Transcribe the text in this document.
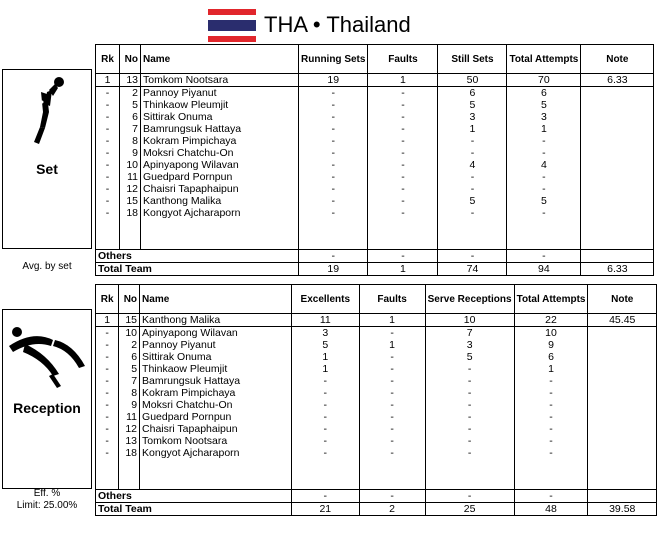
THA • Thailand
Set
Avg. by set
Reception
Eff. %
Limit: 25.00%
Rk	No	Name	Running Sets	Faults	Still Sets	Total Attempts	Note
1	13	Tomkom Nootsara	19	1	50	70	6.33
-	2	Pannoy Piyanut	-	-	6	6	
-	5	Thinkaow Pleumjit	-	-	5	5	
-	6	Sittirak Onuma	-	-	3	3	
-	7	Bamrungsuk Hattaya	-	-	1	1	
-	8	Kokram Pimpichaya	-	-	-	-	
-	9	Moksri Chatchu-On	-	-	-	-	
-	10	Apinyapong Wilavan	-	-	4	4	
-	11	Guedpard Pornpun	-	-	-	-	
-	12	Chaisri Tapaphaipun	-	-	-	-	
-	15	Kanthong Malika	-	-	5	5	
-	18	Kongyot Ajcharaporn	-	-	-	-	

Others			-	-	-	-	
Total Team			19	1	74	94	6.33
Rk	No	Name	Excellents	Faults	Serve Receptions	Total Attempts	Note
1	15	Kanthong Malika	11	1	10	22	45.45
-	10	Apinyapong Wilavan	3	-	7	10	
-	2	Pannoy Piyanut	5	1	3	9	
-	6	Sittirak Onuma	1	-	5	6	
-	5	Thinkaow Pleumjit	1	-	-	1	
-	7	Bamrungsuk Hattaya	-	-	-	-	
-	8	Kokram Pimpichaya	-	-	-	-	
-	9	Moksri Chatchu-On	-	-	-	-	
-	11	Guedpard Pornpun	-	-	-	-	
-	12	Chaisri Tapaphaipun	-	-	-	-	
-	13	Tomkom Nootsara	-	-	-	-	
-	18	Kongyot Ajcharaporn	-	-	-	-	

Others			-	-	-	-	
Total Team			21	2	25	48	39.58
